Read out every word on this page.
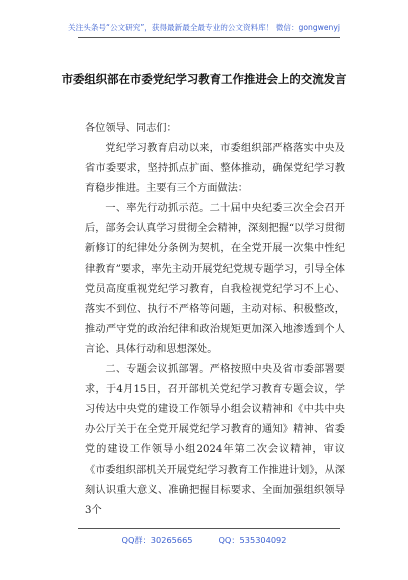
关注头条号“公文研究”，获得最新最全最专业的公文资料库！ 微信：gongwenyj
市委组织部在市委党纪学习教育工作推进会上的交流发言
各位领导、同志们：

党纪学习教育启动以来，市委组织部严格落实中央及省市委要求，坚持抓点扩面、整体推动，确保党纪学习教育稳步推进。主要有三个方面做法：

一、率先行动抓示范。二十届中央纪委三次全会召开后，部务会认真学习贯彻全会精神，深刻把握“以学习贯彻新修订的纪律处分条例为契机，在全党开展一次集中性纪律教育”要求，率先主动开展党纪党规专题学习，引导全体党员高度重视党纪学习教育，自我检视党纪学习不上心、落实不到位、执行不严格等问题，主动对标、积极整改，推动严守党的政治纪律和政治规矩更加深入地渗透到个人言论、具体行动和思想深处。

二、专题会议抓部署。严格按照中央及省市委部署要求，于4月15日，召开部机关党纪学习教育专题会议，学习传达中央党的建设工作领导小组会议精神和《中共中央办公厅关于在全党开展党纪学习教育的通知》精神、省委党的建设工作领导小组2024年第二次会议精神，审议《市委组织部机关开展党纪学习教育工作推进计划》，从深刻认识重大意义、准确把握目标要求、全面加强组织领导3个

QQ群：30265665	QQ：535304092
